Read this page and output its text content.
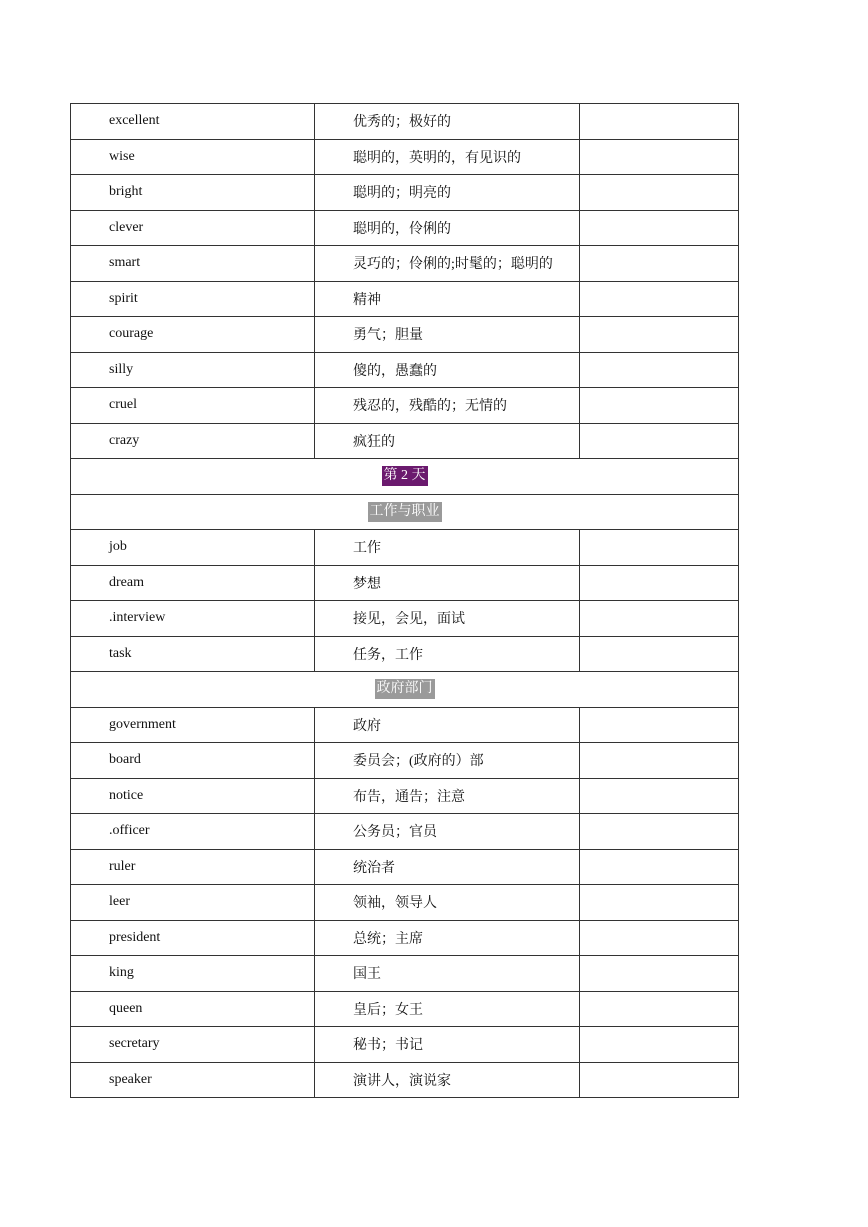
excellent	优秀的；极好的	
wise	聪明的，英明的，有见识的	
bright	聪明的；明亮的	
clever	聪明的，伶俐的	
smart	灵巧的；伶俐的;时髦的；聪明的	
spirit	精神	
courage	勇气；胆量	
silly	傻的，愚蠢的	
cruel	残忍的，残酷的；无情的	
crazy	疯狂的	
第 2 天		
工作与职业		
job	工作	
dream	梦想	
.interview	接见，会见，面试	
task	任务，工作	
政府部门		
government	政府	
board	委员会；(政府的）部	
notice	布告，通告；注意	
.officer	公务员；官员	
ruler	统治者	
leer	领袖，领导人	
president	总统；主席	
king	国王	
queen	皇后；女王	
secretary	秘书；书记	
speaker	演讲人，演说家	
